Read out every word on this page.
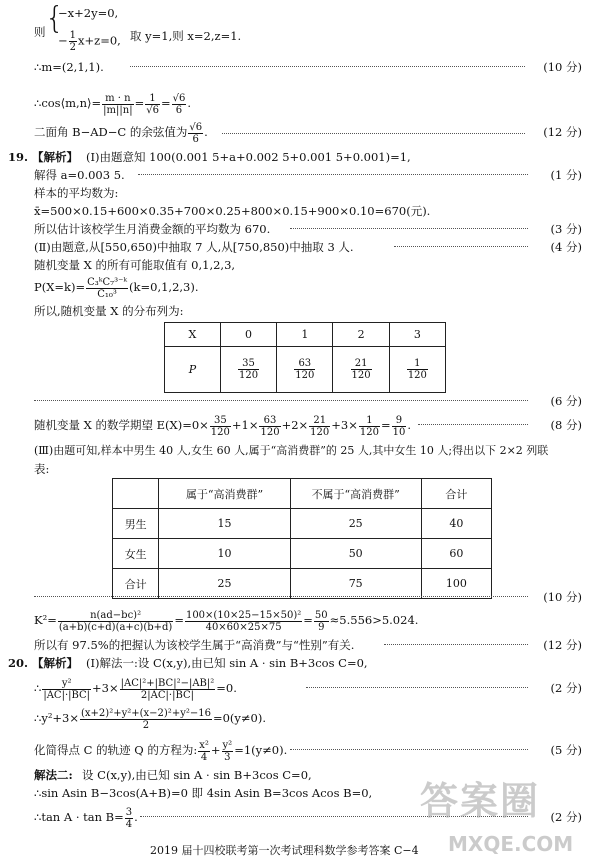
则 {
−x+2y=0,
− $\frac{1}{2} x+z=0$, 取 y=1,则 x=2,z=1.
∴m=(2,1,1).	(10 分)
∴cos⟨m,n⟩= $\frac{m \cdot n}{|m||n|} = \frac{1}{√6} = \frac{√6}{6}$ .
二面角 B−AD−C 的余弦值为 $\frac{√6}{6}$ .	(12 分)
19. 【解析】 (Ⅰ)由题意知 100(0.001 5+a+0.002 5+0.001 5+0.001)=1,
解得 a=0.003 5.	(1 分)
样本的平均数为:
x̄=500×0.15+600×0.35+700×0.25+800×0.15+900×0.10=670(元).
所以估计该校学生月消费金额的平均数为 670.	(3 分)
(Ⅱ)由题意,从[550,650)中抽取 7 人,从[750,850)中抽取 3 人.	(4 分)
随机变量 X 的所有可能取值有 0,1,2,3,
$P(X=k)= \frac{\text{C₃ᵏC₇³⁻ᵏ}}{\text{C₁₀³}} (k=0,1,2,3)$.
所以,随机变量 X 的分布列为:
X	0	1	2	3
P	$\frac{35}{120}$	$\frac{63}{120}$	$\frac{21}{120}$	$\frac{1}{120}$
(6 分)
随机变量 X 的数学期望 $E(X)=0\times \frac{35}{120} +1\times \frac{63}{120} +2\times \frac{21}{120} +3\times \frac{1}{120} = \frac{9}{10}$ .	(8 分)
(Ⅲ)由题可知,样本中男生 40 人,女生 60 人,属于“高消费群”的 25 人,其中女生 10 人;得出以下 2×2 列联
表:
	属于“高消费群”	不属于“高消费群”	合计
男生	15	25	40
女生	10	50	60
合计	25	75	100
(10 分)
$K^2= \frac{\text{n(ad−bc)²}}{(a+b)(c+d)(a+c)(b+d)} = \frac{\text{100×(10×25−15×50)²}}{40\times 60\times 25\times 75} = \frac{50}{9} \approx 5.556>5.024$.
所以有 97.5%的把握认为该校学生属于“高消费”与“性别”有关.	(12 分)
20. 【解析】 (Ⅰ)解法一:设 C(x,y),由已知 sin A · sin B+3cos C=0,
∴ $\frac{\text{y²}}{|AC|\cdot|BC|} +3\times \frac{\text{|AC|²+|BC|²−|AB|²}}{2|AC|\cdot|BC|} =0$.	(2 分)
∴y²+3× $\frac{\text{(x+2)²+y²+(x−2)²+y²−16}}{2} =0(y\ne 0)$.
化简得点 C 的轨迹 Q 的方程为: $\frac{\text{x²}}{4} + \frac{\text{y²}}{3} =1(y\ne 0)$.	(5 分)
解法二: 设 C(x,y),由已知 sin A · sin B+3cos C=0,
∴sin Asin B−3cos(A+B)=0 即 4sin Asin B=3cos Acos B=0,
∴tan $A \cdot \tan B= \frac{3}{4}$ .	(2 分)
答案圈
MXQE.COM
2019 届十四校联考第一次考试理科数学参考答案 C−4
